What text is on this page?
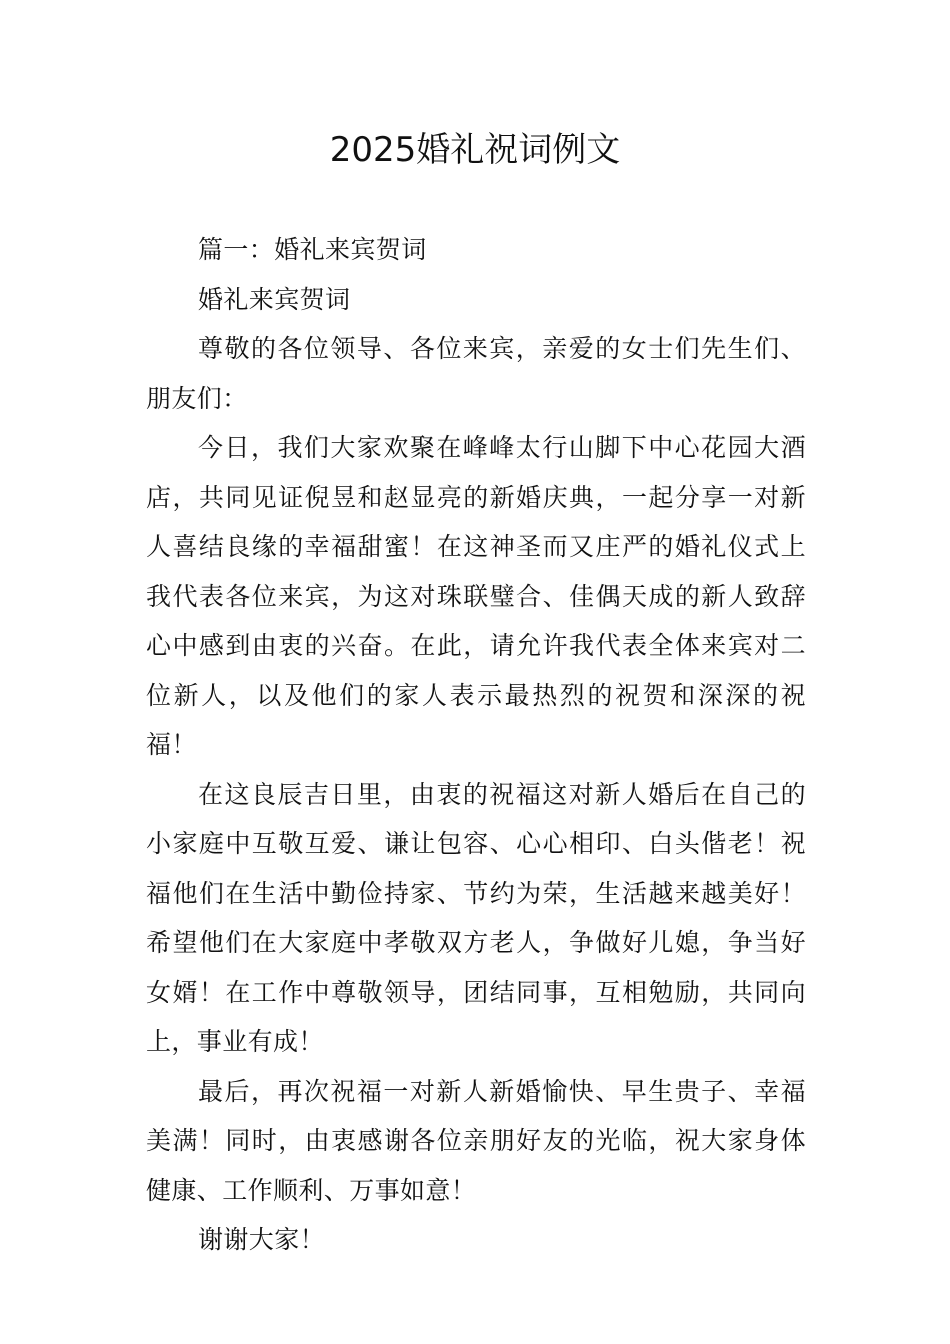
2025婚礼祝词例文

篇一：婚礼来宾贺词

婚礼来宾贺词

尊敬的各位领导、各位来宾，亲爱的女士们先生们、朋友们：

今日，我们大家欢聚在峰峰太行山脚下中心花园大酒店，共同见证倪昱和赵显亮的新婚庆典，一起分享一对新人喜结良缘的幸福甜蜜！在这神圣而又庄严的婚礼仪式上我代表各位来宾，为这对珠联璧合、佳偶天成的新人致辞心中感到由衷的兴奋。在此，请允许我代表全体来宾对二位新人，以及他们的家人表示最热烈的祝贺和深深的祝福！

在这良辰吉日里，由衷的祝福这对新人婚后在自己的小家庭中互敬互爱、谦让包容、心心相印、白头偕老！祝福他们在生活中勤俭持家、节约为荣，生活越来越美好！希望他们在大家庭中孝敬双方老人，争做好儿媳，争当好女婿！在工作中尊敬领导，团结同事，互相勉励，共同向上，事业有成！

最后，再次祝福一对新人新婚愉快、早生贵子、幸福美满！同时，由衷感谢各位亲朋好友的光临，祝大家身体健康、工作顺利、万事如意！

谢谢大家！
